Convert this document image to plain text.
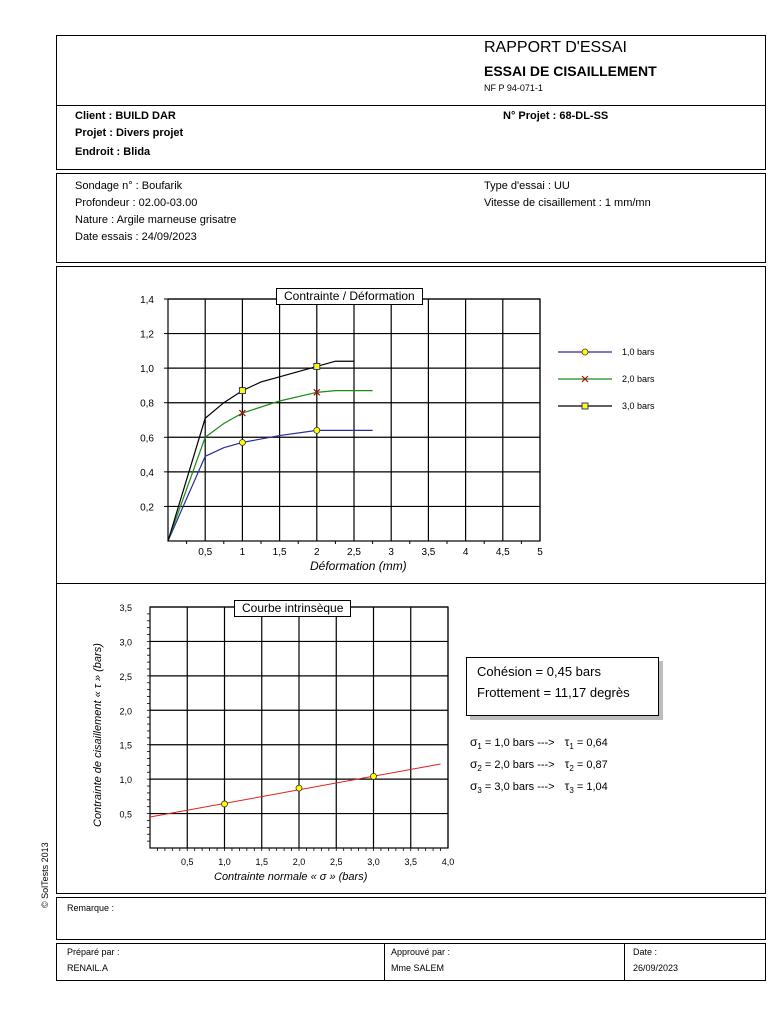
RAPPORT D'ESSAI
ESSAI DE CISAILLEMENT
NF P 94-071-1
Client : BUILD DAR
Projet : Divers projet
Endroit : Blida
N° Projet : 68-DL-SS
Sondage n° : Boufarik
Profondeur : 02.00-03.00
Nature : Argile marneuse grisatre
Date essais : 24/09/2023
Type d'essai : UU
Vitesse de cisaillement : 1 mm/mn
0,5	1	1,5	2	2,5	3	3,5	4	4,5	5
0,2
0,4
0,6
0,8
1,0
1,2
1,4
1,0 bars
2,0 bars
3,0 bars
Contrainte / Déformation
Déformation (mm)
0,5	1,0	1,5	2,0	2,5	3,0	3,5	4,0
0,5
1,0
1,5
2,0
2,5
3,0
3,5	Courbe intrinsèque
Contrainte normale « σ » (bars)
Contrainte de cisaillement « τ » (bars)	Cohésion = 0,45 bars
Frottement = 11,17 degrès
$\sigma_1 = 1,0$ bars ---> $\tau_1 = 0,64$
$\sigma_2 = 2,0$ bars ---> $\tau_2 = 0,87$
$\sigma_3 = 3,0$ bars ---> $\tau_3 = 1,04$
© SolTests 2013 Remarque :
Préparé par :
RENAIL.A
Approuvé par :
Mme SALEM
Date :
26/09/2023
